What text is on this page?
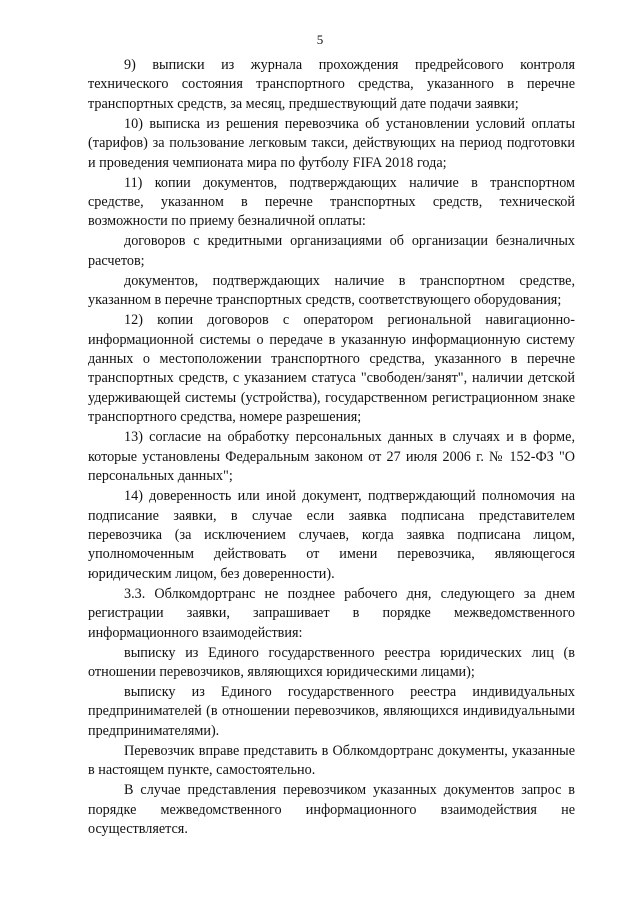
5

9) выписки из журнала прохождения предрейсового контроля технического состояния транспортного средства, указанного в перечне транспортных средств, за месяц, предшествующий дате подачи заявки;

10) выписка из решения перевозчика об установлении условий оплаты (тарифов) за пользование легковым такси, действующих на период подготовки и проведения чемпионата мира по футболу FIFA 2018 года;

11) копии документов, подтверждающих наличие в транспортном средстве, указанном в перечне транспортных средств, технической возможности по приему безналичной оплаты:

договоров с кредитными организациями об организации безналичных расчетов;

документов, подтверждающих наличие в транспортном средстве, указанном в перечне транспортных средств, соответствующего оборудования;

12) копии договоров с оператором региональной навигационно-информационной системы о передаче в указанную информационную систему данных о местоположении транспортного средства, указанного в перечне транспортных средств, с указанием статуса "свободен/занят", наличии детской удерживающей системы (устройства), государственном регистрационном знаке транспортного средства, номере разрешения;

13) согласие на обработку персональных данных в случаях и в форме, которые установлены Федеральным законом от 27 июля 2006 г. № 152-ФЗ "О персональных данных";

14) доверенность или иной документ, подтверждающий полномочия на подписание заявки, в случае если заявка подписана представителем перевозчика (за исключением случаев, когда заявка подписана лицом, уполномоченным действовать от имени перевозчика, являющегося юридическим лицом, без доверенности).

3.3. Облкомдортранс не позднее рабочего дня, следующего за днем регистрации заявки, запрашивает в порядке межведомственного информационного взаимодействия:

выписку из Единого государственного реестра юридических лиц (в отношении перевозчиков, являющихся юридическими лицами);

выписку из Единого государственного реестра индивидуальных предпринимателей (в отношении перевозчиков, являющихся индивидуальными предпринимателями).

Перевозчик вправе представить в Облкомдортранс документы, указанные в настоящем пункте, самостоятельно.

В случае представления перевозчиком указанных документов запрос в порядке межведомственного информационного взаимодействия не осуществляется.
